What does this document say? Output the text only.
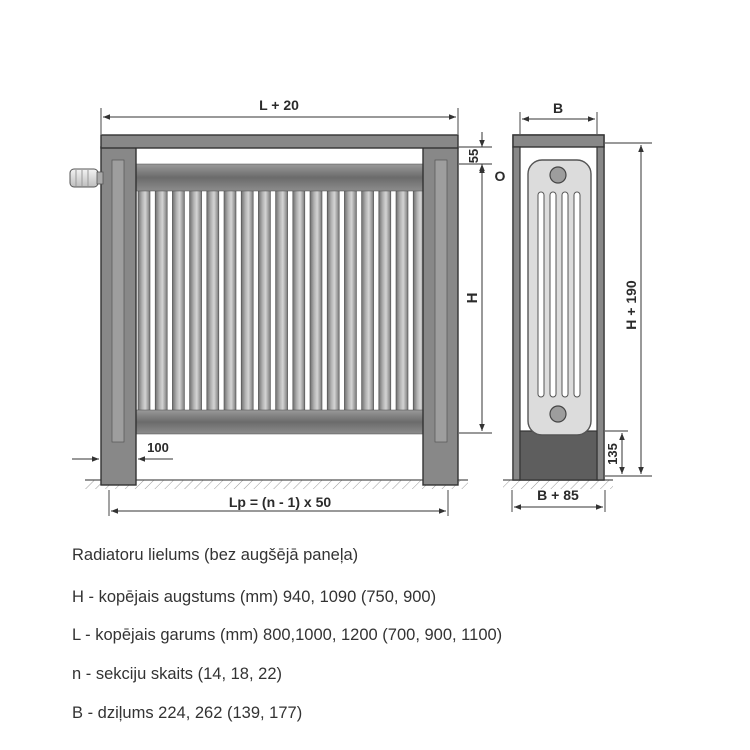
L + 20
55
H
100
Lp = (n - 1) x 50
B
O
H + 190
135
B + 85
Radiatoru lielums (bez augšējā paneļa)
H - kopējais augstums (mm) 940, 1090 (750, 900)
L - kopējais garums (mm) 800,1000, 1200 (700, 900, 1100)
n - sekciju skaits (14, 18, 22)
B - dziļums 224, 262 (139, 177)
